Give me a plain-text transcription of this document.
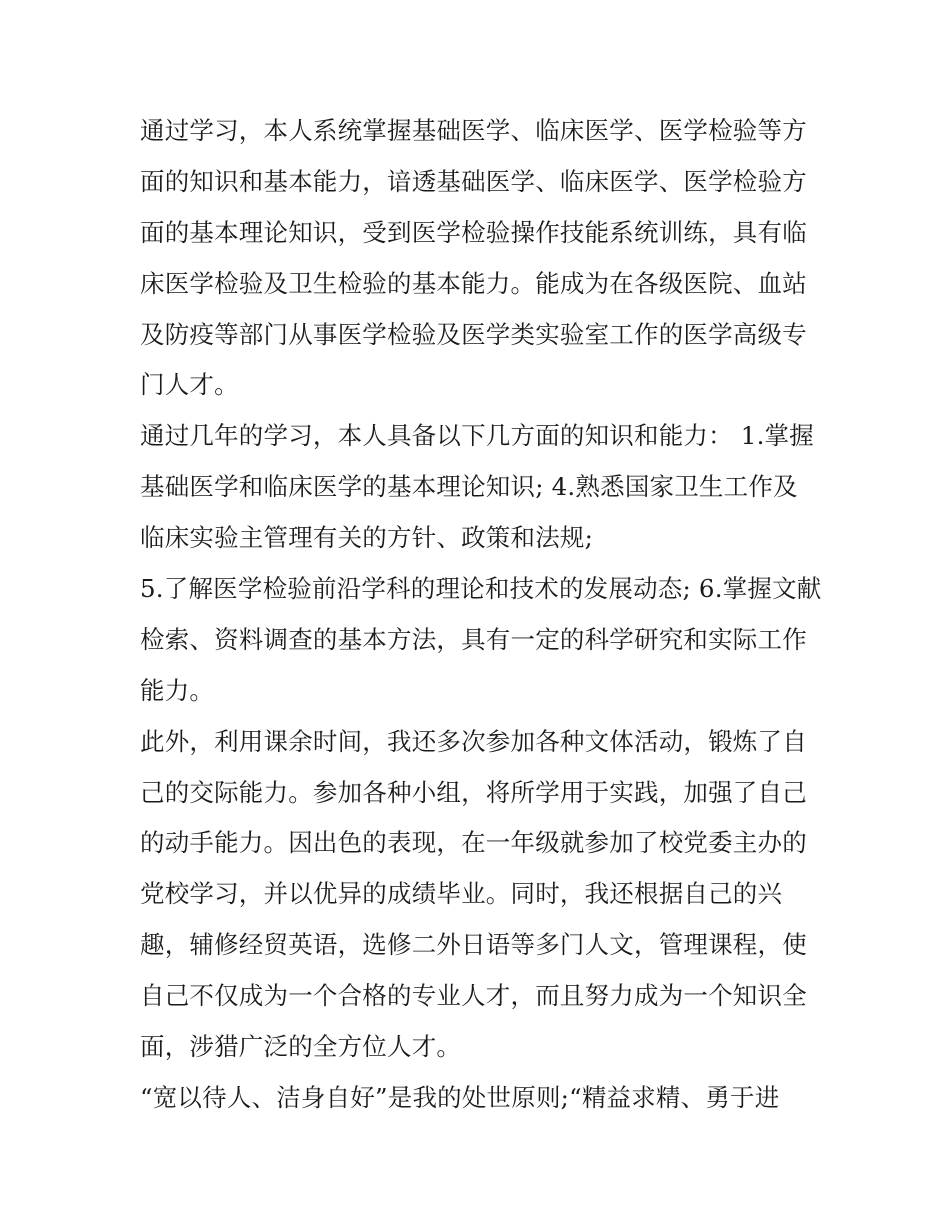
通过学习，本人系统掌握基础医学、临床医学、医学检验等方
面的知识和基本能力，谙透基础医学、临床医学、医学检验方
面的基本理论知识，受到医学检验操作技能系统训练，具有临
床医学检验及卫生检验的基本能力。能成为在各级医院、血站
及防疫等部门从事医学检验及医学类实验室工作的医学高级专
门人才。
通过几年的学习，本人具备以下几方面的知识和能力： 1.掌握
基础医学和临床医学的基本理论知识; 4.熟悉国家卫生工作及
临床实验主管理有关的方针、政策和法规;
5.了解医学检验前沿学科的理论和技术的发展动态; 6.掌握文献
检索、资料调查的基本方法，具有一定的科学研究和实际工作
能力。
此外，利用课余时间，我还多次参加各种文体活动，锻炼了自
己的交际能力。参加各种小组，将所学用于实践，加强了自己
的动手能力。因出色的表现，在一年级就参加了校党委主办的
党校学习，并以优异的成绩毕业。同时，我还根据自己的兴
趣，辅修经贸英语，选修二外日语等多门人文，管理课程，使
自己不仅成为一个合格的专业人才，而且努力成为一个知识全
面，涉猎广泛的全方位人才。
“宽以待人、洁身自好”是我的处世原则;“精益求精、勇于进
